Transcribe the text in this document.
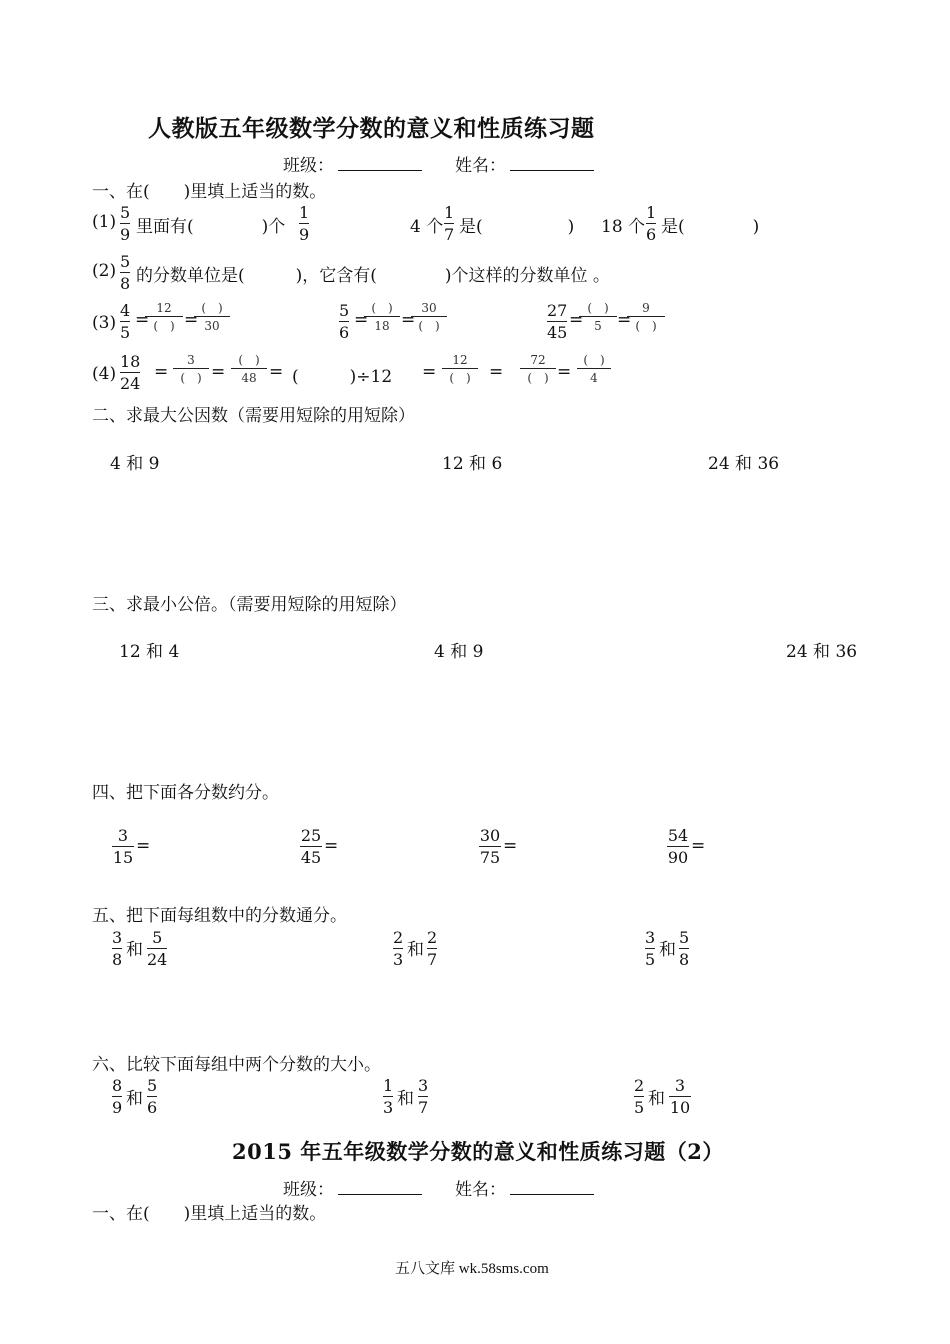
人教版五年级数学分数的意义和性质练习题
班级：	姓名：
一、在(　　)里填上适当的数。
(1) 5
9 里面有(　　　　)个
1
9	4 个
1
7 是(　　　　　) 18 个
1
6 是(　　　　)
(2) 5
8 的分数单位是(　　　)，它含有(　　　　)个这样的分数单位 。
(3)
4
5
=
12
(　) =
(　)
30
5
6
=
(　)
18 =
30
(　)
27
45
=
(　)
5 =
9
(　)
(4)
18
24
=
3
(　) =
(　)
48 = (　　　)÷12 =
12
(　) =
72
(　) =
(　)
4
二、求最大公因数（需要用短除的用短除）
4 和 9	12 和 6	24 和 36
三、求最小公倍。（需要用短除的用短除）
12 和 4	4 和 9	24 和 36
四、把下面各分数约分。
3
15
=
25
45
=
30
75
=
54
90
=
五、把下面每组数中的分数通分。
3
8 和
5
24
2
3 和
2
7
3
5 和
5
8
六、比较下面每组中两个分数的大小。
8
9 和
5
6
1
3 和
3
7
2
5 和
3
10
2015 年五年级数学分数的意义和性质练习题（2）
班级：	姓名：
一、在(　　)里填上适当的数。
五八文库 wk.58sms.com
